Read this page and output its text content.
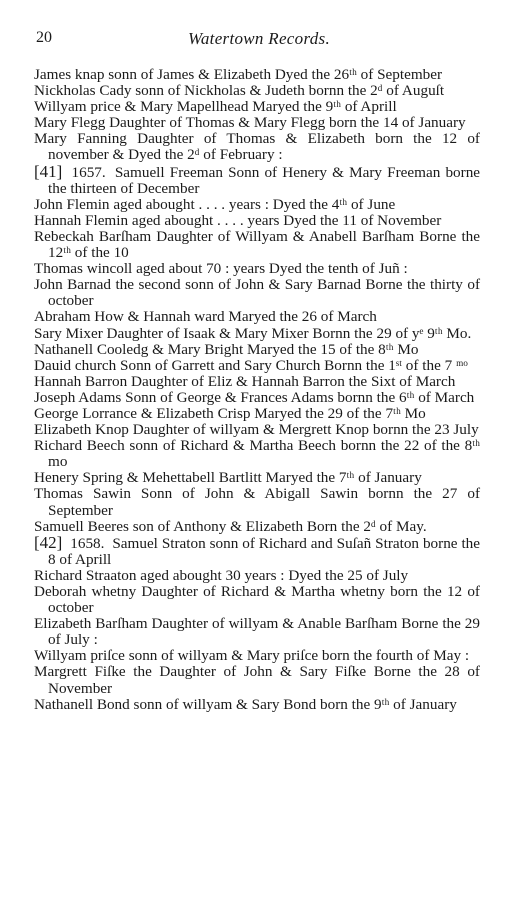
20	Watertown Records.

James knap sonn of James & Elizabeth Dyed the 26ᵗʰ of September

Nickholas Cady sonn of Nickholas & Judeth bornn the 2ᵈ of Auguſt

Willyam price & Mary Mapellhead Maryed the 9ᵗʰ of Aprill

Mary Flegg Daughter of Thomas & Mary Flegg born the 14 of January

Mary Fanning Daughter of Thomas & Elizabeth born the 12 of november & Dyed the 2ᵈ of February :

[41] 1657. Samuell Freeman Sonn of Henery & Mary Freeman borne the thirteen of December

John Flemin aged abought . . . . years : Dyed the 4ᵗʰ of June

Hannah Flemin aged abought . . . . years Dyed the 11 of November

Rebeckah Barſham Daughter of Willyam & Anabell Barſham Borne the 12ᵗʰ of the 10

Thomas wincoll aged about 70 : years Dyed the tenth of Juñ :

John Barnad the second sonn of John & Sary Barnad Borne the thirty of october

Abraham How & Hannah ward Maryed the 26 of March

Sary Mixer Daughter of Isaak & Mary Mixer Bornn the 29 of yᵉ 9ᵗʰ Mo.

Nathanell Cooledg & Mary Bright Maryed the 15 of the 8ᵗʰ Mo

Dauid church Sonn of Garrett and Sary Church Bornn the 1ˢᵗ of the 7 ᵐᵒ

Hannah Barron Daughter of Eliz & Hannah Barron the Sixt of March

Joseph Adams Sonn of George & Frances Adams bornn the 6ᵗʰ of March

George Lorrance & Elizabeth Crisp Maryed the 29 of the 7ᵗʰ Mo

Elizabeth Knop Daughter of willyam & Mergrett Knop bornn the 23 July

Richard Beech sonn of Richard & Martha Beech bornn the 22 of the 8ᵗʰ mo

Henery Spring & Mehettabell Bartlitt Maryed the 7ᵗʰ of January

Thomas Sawin Sonn of John & Abigall Sawin bornn the 27 of September

Samuell Beeres son of Anthony & Elizabeth Born the 2ᵈ of May.

[42] 1658. Samuel Straton sonn of Richard and Suſañ Straton borne the 8 of Aprill

Richard Straaton aged abought 30 years : Dyed the 25 of July

Deborah whetny Daughter of Richard & Martha whetny born the 12 of october

Elizabeth Barſham Daughter of willyam & Anable Barſham Borne the 29 of July :

Willyam priſce sonn of willyam & Mary priſce born the fourth of May :

Margrett Fiſke the Daughter of John & Sary Fiſke Borne the 28 of November

Nathanell Bond sonn of willyam & Sary Bond born the 9ᵗʰ of January
